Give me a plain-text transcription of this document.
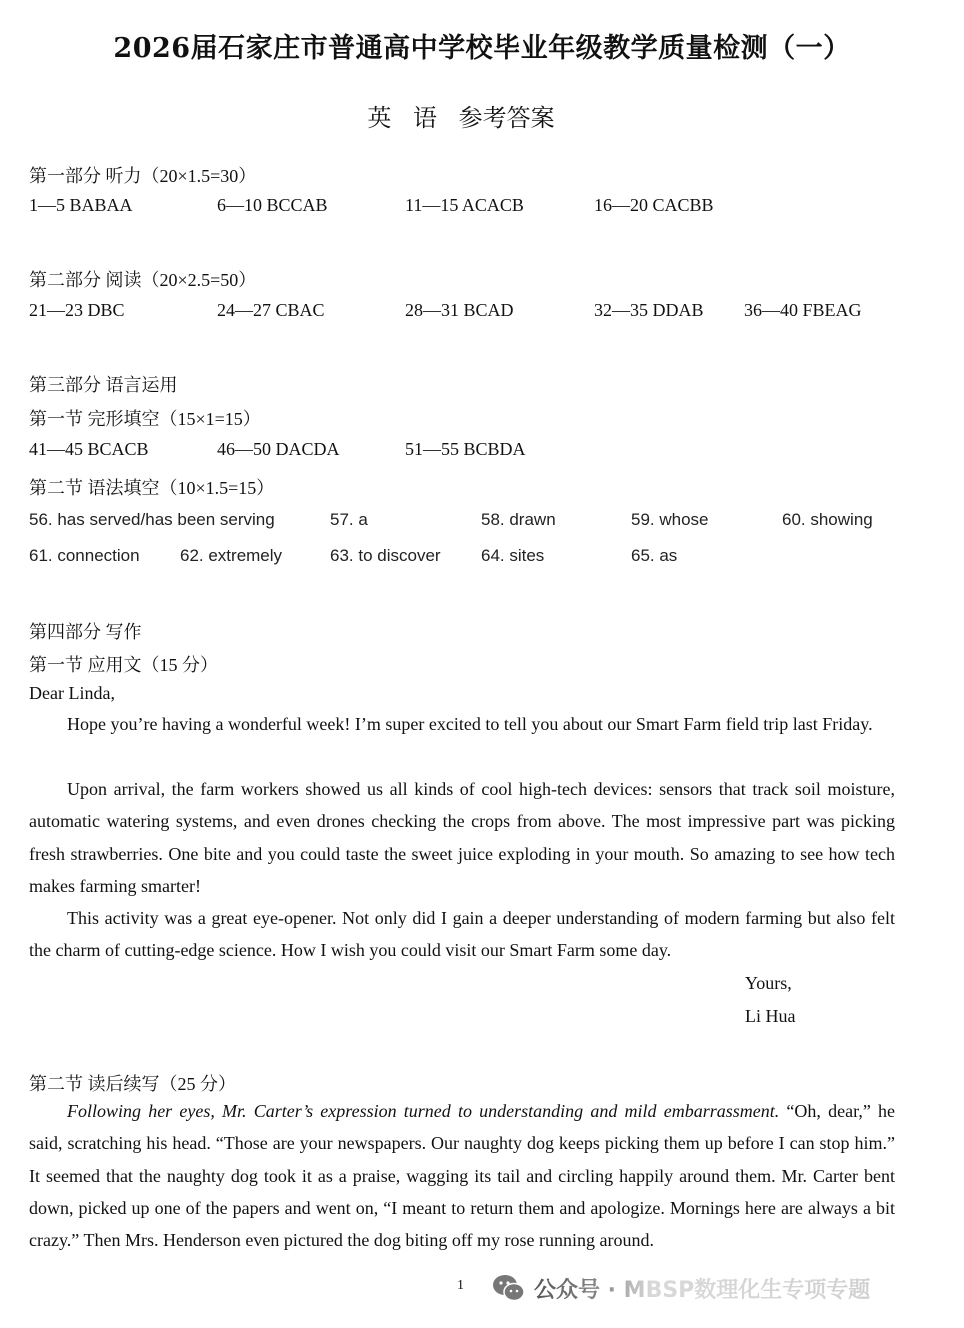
2026届石家庄市普通高中学校毕业年级教学质量检测（一）
英 语 参考答案
第一部分 听力（20×1.5=30）
1—5 BABAA	6—10 BCCAB	11—15 ACACB	16—20 CACBB
第二部分 阅读（20×2.5=50）
21—23 DBC	24—27 CBAC	28—31 BCAD	32—35 DDAB 36—40 FBEAG
第三部分 语言运用
第一节 完形填空（15×1=15）
41—45 BCACB	46—50 DACDA	51—55 BCBDA
第二节 语法填空（10×1.5=15）
56. has served/has been serving	57. a	58. drawn	59. whose	60. showing
61. connection 62. extremely	63. to discover 64. sites	65. as
第四部分 写作
第一节 应用文（15 分）
Dear Linda,

Hope you’re having a wonderful week! I’m super excited to tell you about our Smart Farm field trip last Friday.

Upon arrival, the farm workers showed us all kinds of cool high-tech devices: sensors that track soil moisture, automatic watering systems, and even drones checking the crops from above. The most impressive part was picking fresh strawberries. One bite and you could taste the sweet juice exploding in your mouth. So amazing to see how tech makes farming smarter!

This activity was a great eye-opener. Not only did I gain a deeper understanding of modern farming but also felt the charm of cutting-edge science. How I wish you could visit our Smart Farm some day.

Yours,
Li Hua
第二节 读后续写（25 分）

Following her eyes, Mr. Carter’s expression turned to understanding and mild embarrassment. “Oh, dear,” he said, scratching his head. “Those are your newspapers. Our naughty dog keeps picking them up before I can stop him.” It seemed that the naughty dog took it as a praise, wagging its tail and circling happily around them. Mr. Carter bent down, picked up one of the papers and went on, “I meant to return them and apologize. Mornings here are always a bit crazy.” Then Mrs. Henderson even pictured the dog biting off my rose running around.

1	公众号 · MBSP数理化生专项专题
